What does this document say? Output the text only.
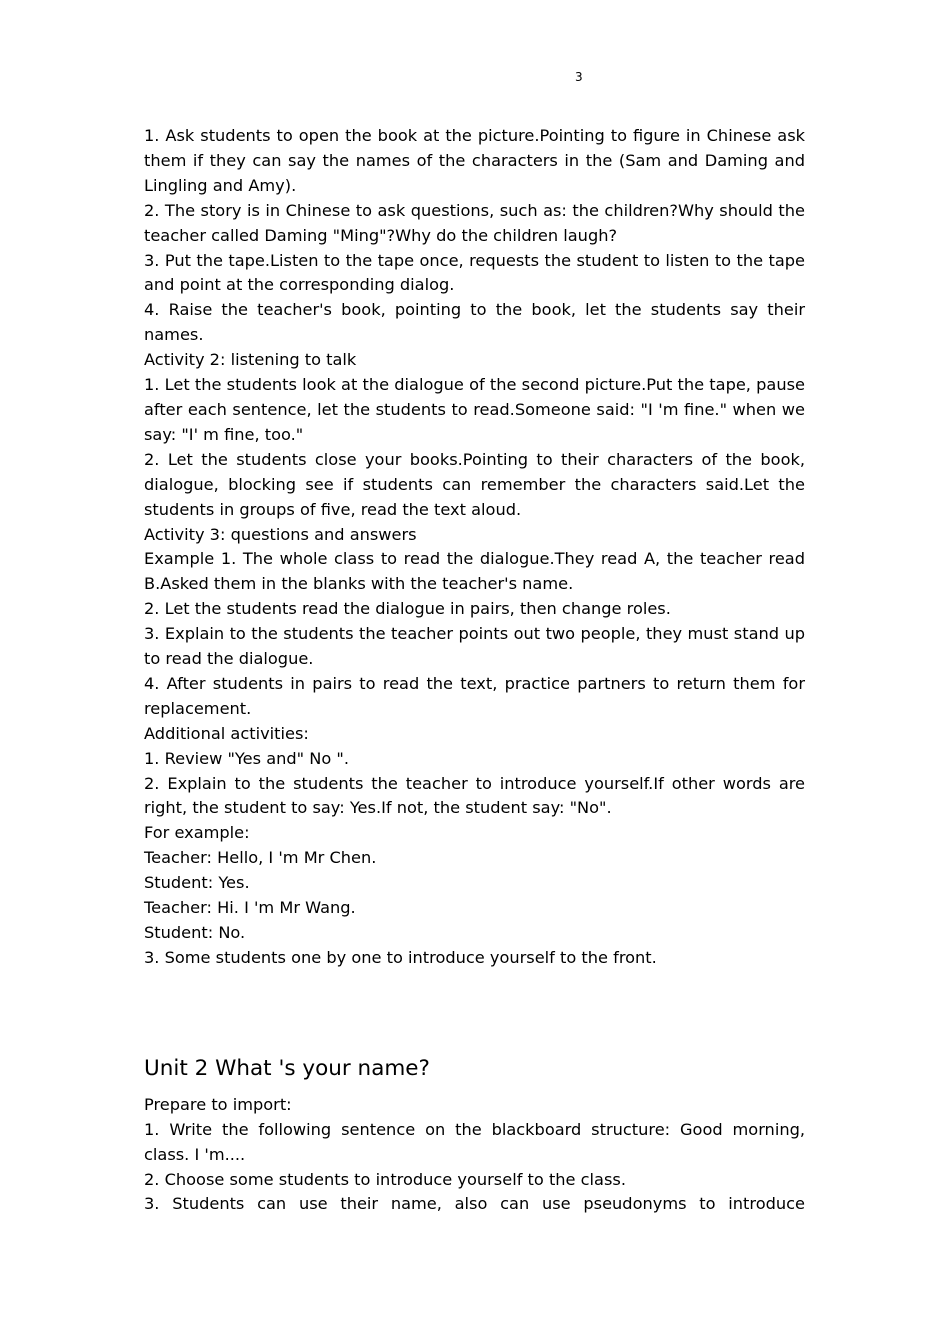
3

1. Ask students to open the book at the picture.Pointing to figure in Chinese ask them if they can say the names of the characters in the (Sam and Daming and Lingling and Amy).

2. The story is in Chinese to ask questions, such as: the children?Why should the teacher called Daming "Ming"?Why do the children laugh?

3. Put the tape.Listen to the tape once, requests the student to listen to the tape and point at the corresponding dialog.

4. Raise the teacher's book, pointing to the book, let the students say their names.

Activity 2: listening to talk

1. Let the students look at the dialogue of the second picture.Put the tape, pause after each sentence, let the students to read.Someone said: "I 'm fine." when we say: "I' m fine, too."

2. Let the students close your books.Pointing to their characters of the book, dialogue, blocking see if students can remember the characters said.Let the students in groups of five, read the text aloud.

Activity 3: questions and answers

Example 1. The whole class to read the dialogue.They read A, the teacher read B.Asked them in the blanks with the teacher's name.

2. Let the students read the dialogue in pairs, then change roles.

3. Explain to the students the teacher points out two people, they must stand up to read the dialogue.

4. After students in pairs to read the text, practice partners to return them for replacement.

Additional activities:

1. Review "Yes and" No ".

2. Explain to the students the teacher to introduce yourself.If other words are right, the student to say: Yes.If not, the student say: "No".

For example:

Teacher: Hello, I 'm Mr Chen.

Student: Yes.

Teacher: Hi. I 'm Mr Wang.

Student: No.

3. Some students one by one to introduce yourself to the front.

Unit 2 What 's your name?

Prepare to import:

1. Write the following sentence on the blackboard structure: Good morning, class. I 'm....

2. Choose some students to introduce yourself to the class.

3. Students can use their name, also can use pseudonyms to introduce
